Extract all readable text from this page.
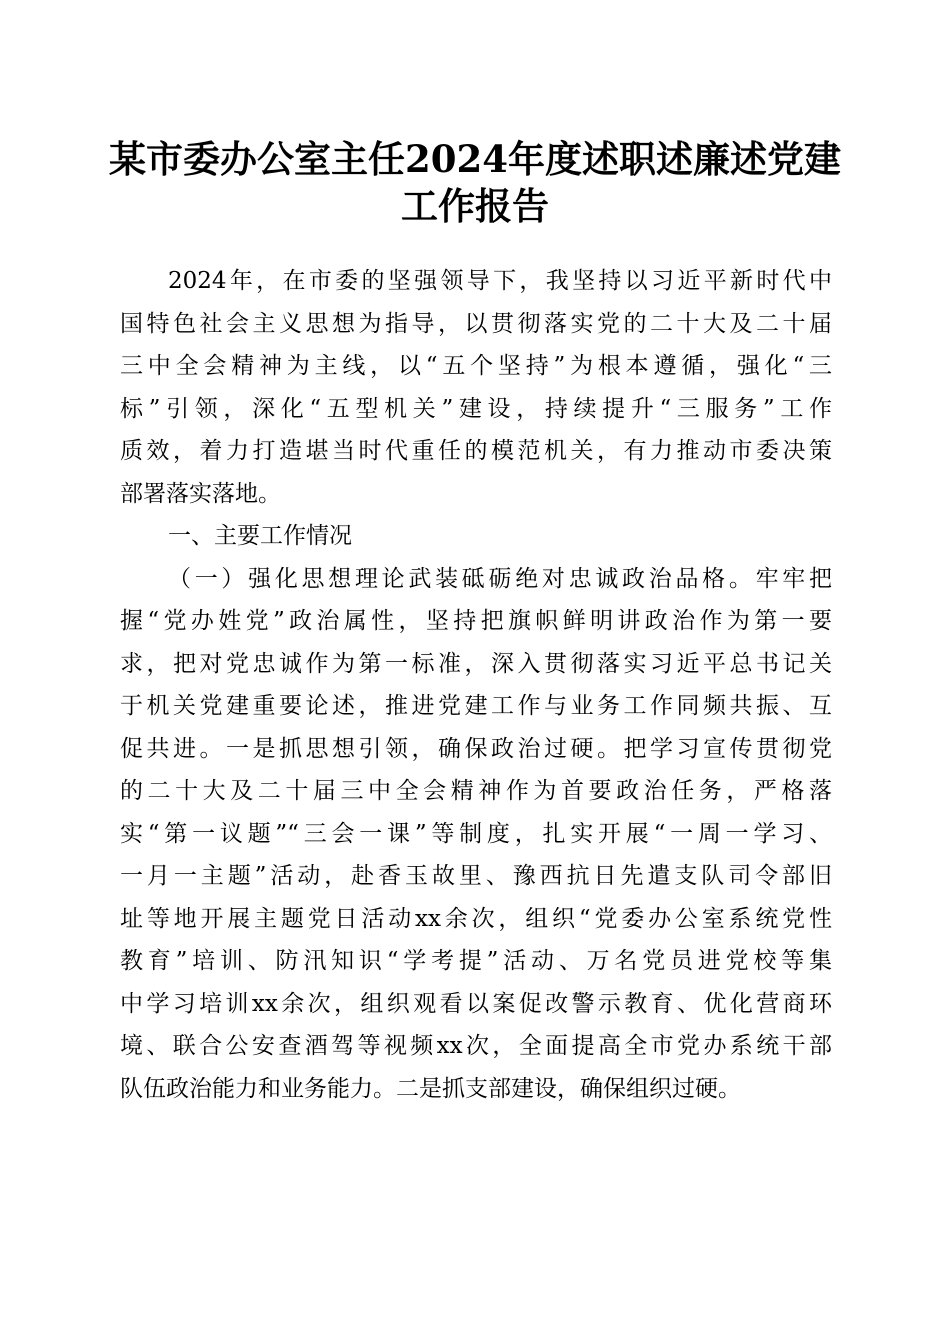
某市委办公室主任2024年度述职述廉述党建
工作报告
2024年，在市委的坚强领导下，我坚持以习近平新时代中
国特色社会主义思想为指导，以贯彻落实党的二十大及二十届
三中全会精神为主线，以“五个坚持”为根本遵循，强化“三
标”引领，深化“五型机关”建设，持续提升“三服务”工作
质效，着力打造堪当时代重任的模范机关，有力推动市委决策
部署落实落地。
一、主要工作情况
（一）强化思想理论武装砥砺绝对忠诚政治品格。牢牢把
握“党办姓党”政治属性，坚持把旗帜鲜明讲政治作为第一要
求，把对党忠诚作为第一标准，深入贯彻落实习近平总书记关
于机关党建重要论述，推进党建工作与业务工作同频共振、互
促共进。一是抓思想引领，确保政治过硬。把学习宣传贯彻党
的二十大及二十届三中全会精神作为首要政治任务，严格落
实“第一议题”“三会一课”等制度，扎实开展“一周一学习、
一月一主题”活动，赴香玉故里、豫西抗日先遣支队司令部旧
址等地开展主题党日活动xx余次，组织“党委办公室系统党性
教育”培训、防汛知识“学考提”活动、万名党员进党校等集
中学习培训xx余次，组织观看以案促改警示教育、优化营商环
境、联合公安查酒驾等视频xx次，全面提高全市党办系统干部
队伍政治能力和业务能力。二是抓支部建设，确保组织过硬。
